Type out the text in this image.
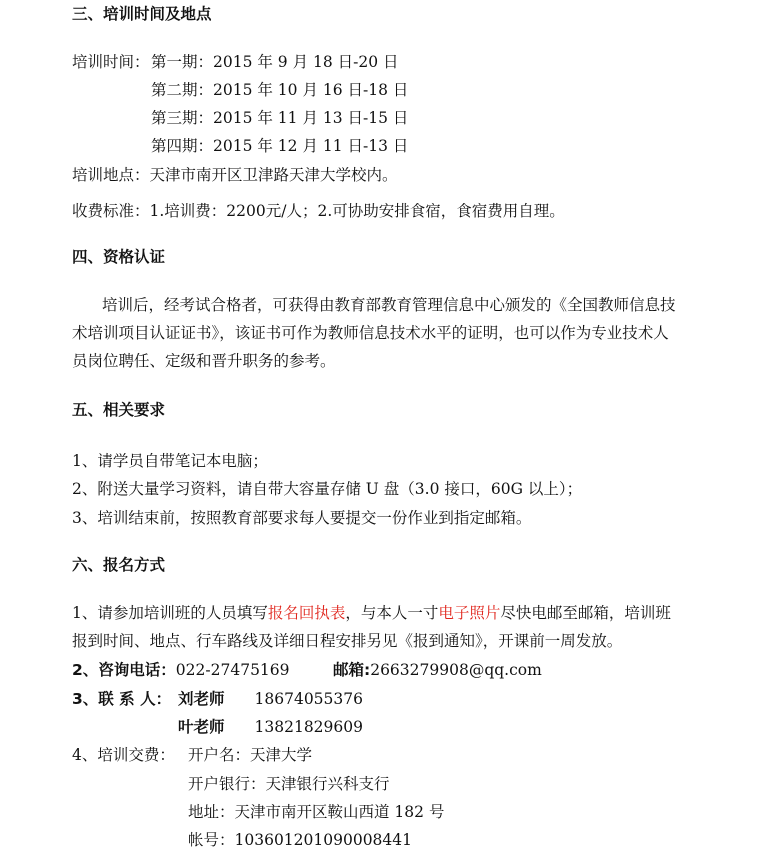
三、培训时间及地点
培训时间： 第一期：2015 年 9 月 18 日-20 日
第二期：2015 年 10 月 16 日-18 日
第三期：2015 年 11 月 13 日-15 日
第四期：2015 年 12 月 11 日-13 日
培训地点：天津市南开区卫津路天津大学校内。
收费标准：1.培训费：2200元/人；2.可协助安排食宿，食宿费用自理。
四、资格认证
培训后，经考试合格者，可获得由教育部教育管理信息中心颁发的《全国教师信息技
术培训项目认证证书》，该证书可作为教师信息技术水平的证明，也可以作为专业技术人
员岗位聘任、定级和晋升职务的参考。
五、相关要求
1、请学员自带笔记本电脑；
2、附送大量学习资料，请自带大容量存储 U 盘（3.0 接口，60G 以上）；
3、培训结束前，按照教育部要求每人要提交一份作业到指定邮箱。
六、报名方式
1、请参加培训班的人员填写报名回执表，与本人一寸电子照片尽快电邮至邮箱，培训班
报到时间、地点、行车路线及详细日程安排另见《报到通知》，开课前一周发放。
2、咨询电话：022-27475169	邮箱:2663279908@qq.com
3、联 系 人： 刘老师 18674055376
叶老师 13821829609
4、培训交费： 开户名：天津大学
开户银行：天津银行兴科支行
地址：天津市南开区鞍山西道 182 号
帐号：103601201090008441
